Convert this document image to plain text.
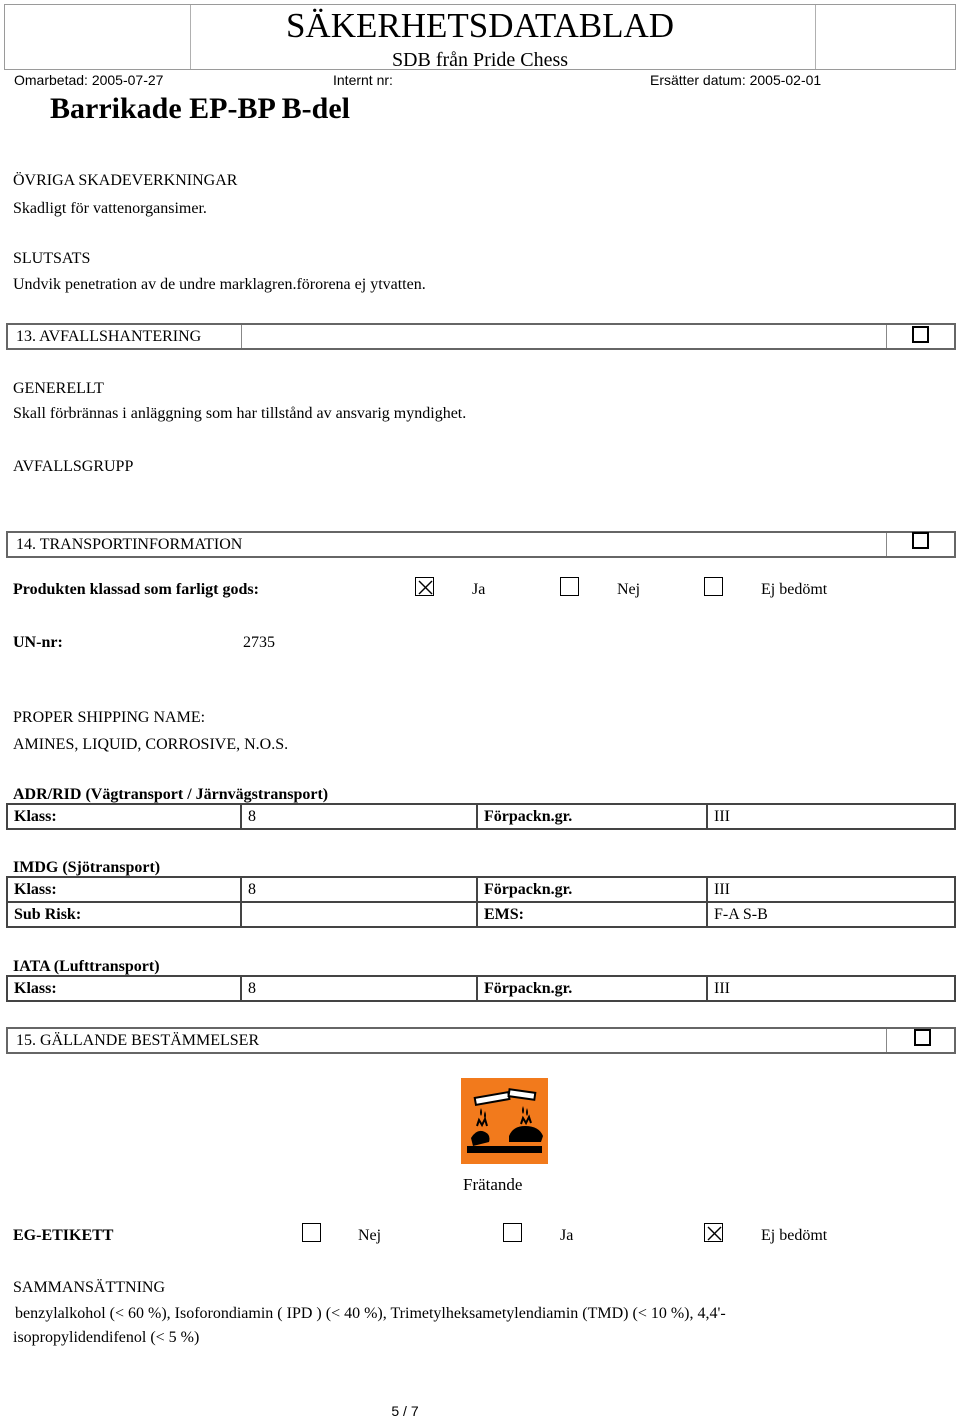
SÄKERHETSDATABLAD
SDB från Pride Chess
Omarbetad: 2005-07-27	Internt nr:	Ersätter datum: 2005-02-01
Barrikade EP-BP B-del
ÖVRIGA SKADEVERKNINGAR
Skadligt för vattenorgansimer.
SLUTSATS
Undvik penetration av de undre marklagren.förorena ej ytvatten.
13. AVFALLSHANTERING
GENERELLT
Skall förbrännas i anläggning som har tillstånd av ansvarig myndighet.
AVFALLSGRUPP
14. TRANSPORTINFORMATION
Produkten klassad som farligt gods:	Ja	Nej	Ej bedömt
UN-nr:	2735
PROPER SHIPPING NAME:
AMINES, LIQUID, CORROSIVE, N.O.S.
ADR/RID (Vägtransport / Järnvägstransport)
Klass:	8	Förpackn.gr.	III
IMDG (Sjötransport)
Klass:	8	Förpackn.gr.	III
Sub Risk:		EMS:	F-A S-B
IATA (Lufttransport)
Klass:	8	Förpackn.gr.	III
15. GÄLLANDE BESTÄMMELSER
Frätande
EG-ETIKETT	Nej	Ja	Ej bedömt
SAMMANSÄTTNING
benzylalkohol (< 60 %), Isoforondiamin ( IPD ) (< 40 %), Trimetylheksametylendiamin (TMD) (< 10 %), 4,4'-
isopropylidendifenol (< 5 %)
5 / 7
